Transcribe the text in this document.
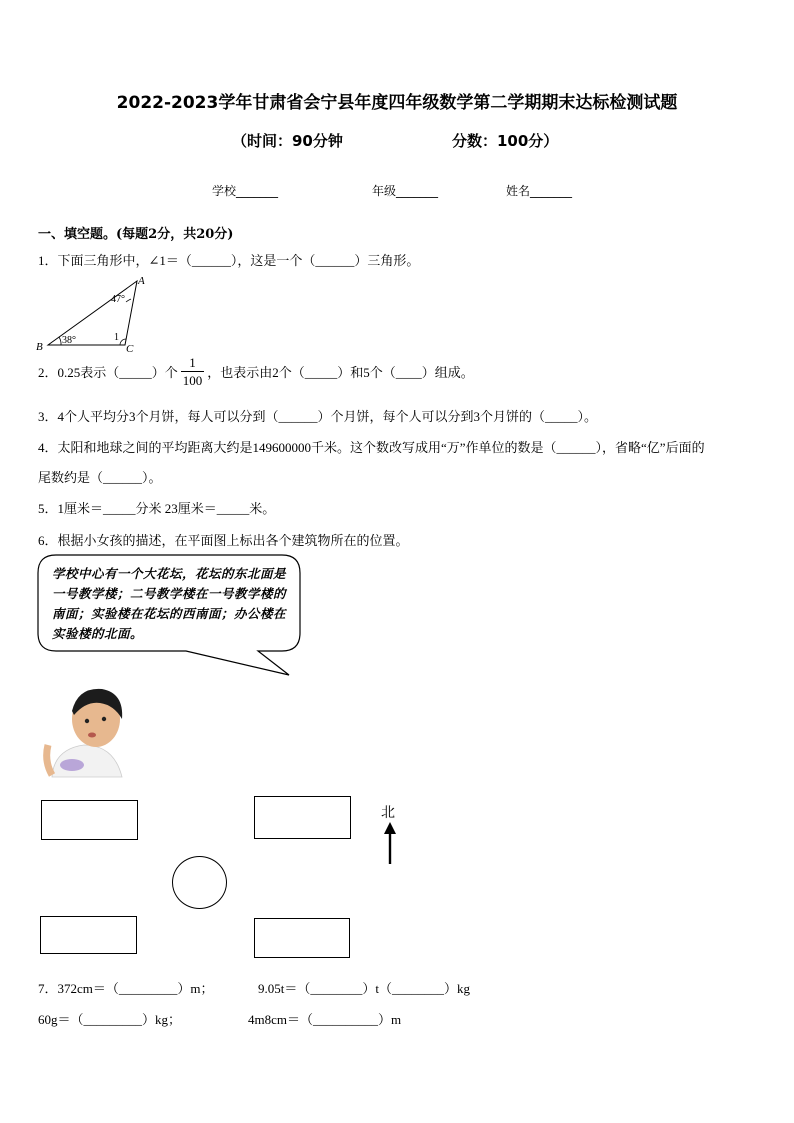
2022-2023学年甘肃省会宁县年度四年级数学第二学期期末达标检测试题
（时间：90分钟	分数：100分）
学校_______	年级_______	姓名_______
一、填空题。(每题2分，共20分)
1．下面三角形中，∠1＝（______），这是一个（______）三角形。
A
B	C
47°
38°	1
2．0.25表示（_____）个 $\frac{1}{100}$ ，也表示由2个（_____）和5个（____）组成。
3．4个人平均分3个月饼，每人可以分到（______）个月饼，每个人可以分到3个月饼的（_____）。
4．太阳和地球之间的平均距离大约是149600000千米。这个数改写成用“万”作单位的数是（______），省略“亿”后面的
尾数约是（______）。
5．1厘米＝_____分米 23厘米＝_____米。
6．根据小女孩的描述，在平面图上标出各个建筑物所在的位置。
学校中心有一个大花坛，花坛的东北面是一号教学楼；二号教学楼在一号教学楼的南面；实验楼在花坛的西南面；办公楼在实验楼的北面。
北
7．372cm＝（_________）m；	9.05t＝（________）t（________）kg
60g＝（_________）kg；	4m8cm＝（__________）m
